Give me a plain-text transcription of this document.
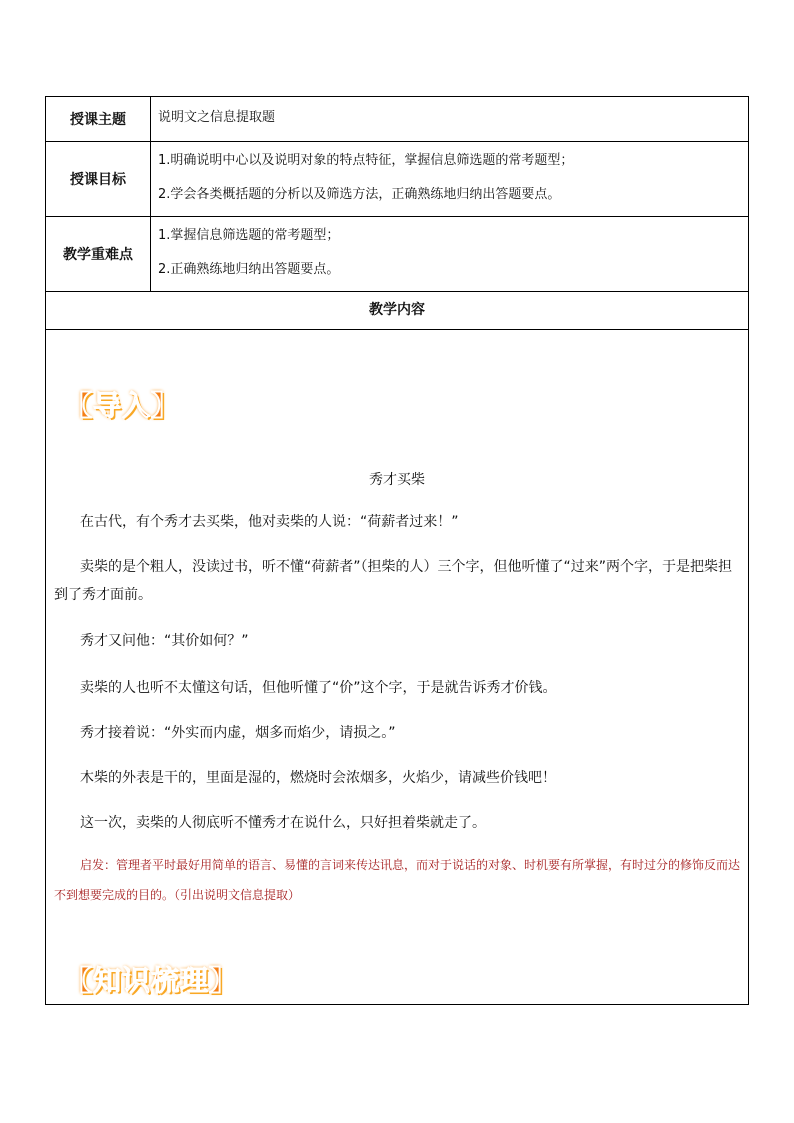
授课主题	说明文之信息提取题
授课目标
1.明确说明中心以及说明对象的特点特征，掌握信息筛选题的常考题型；
2.学会各类概括题的分析以及筛选方法，正确熟练地归纳出答题要点。
教学重难点
1.掌握信息筛选题的常考题型；
2.正确熟练地归纳出答题要点。
教学内容
【导入】
秀才买柴
在古代，有个秀才去买柴，他对卖柴的人说：“荷薪者过来！”
卖柴的是个粗人，没读过书，听不懂“荷薪者”（担柴的人）三个字，但他听懂了“过来”两个字，于是把柴担到了秀才面前。
秀才又问他：“其价如何？”
卖柴的人也听不太懂这句话，但他听懂了“价”这个字，于是就告诉秀才价钱。
秀才接着说：“外实而内虚，烟多而焰少，请损之。”
木柴的外表是干的，里面是湿的，燃烧时会浓烟多，火焰少，请减些价钱吧！
这一次，卖柴的人彻底听不懂秀才在说什么，只好担着柴就走了。
启发：管理者平时最好用简单的语言、易懂的言词来传达讯息，而对于说话的对象、时机要有所掌握，有时过分的修饰反而达不到想要完成的目的。（引出说明文信息提取）
【知识梳理】
